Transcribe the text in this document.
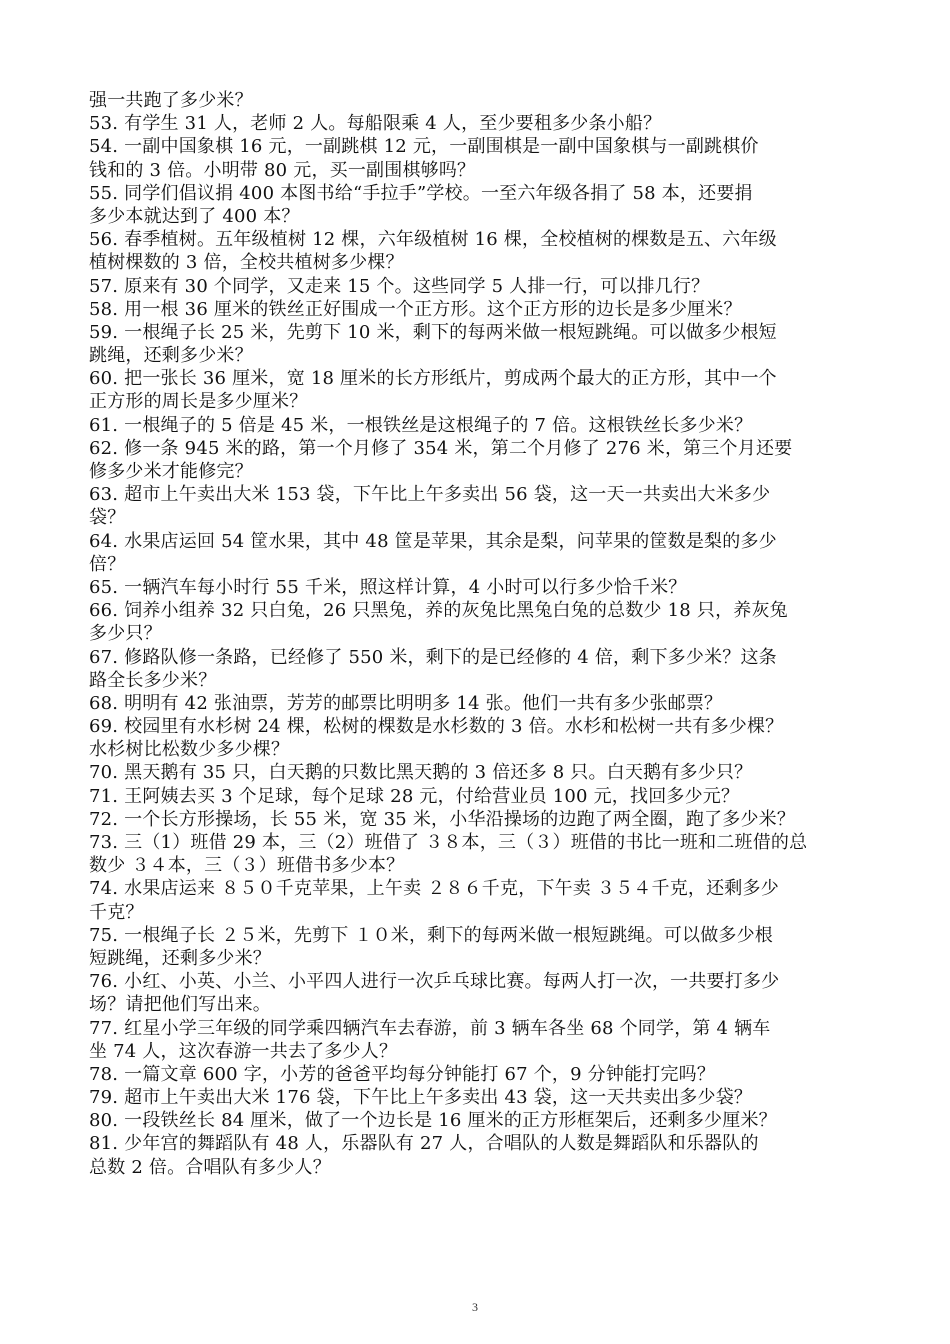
强一共跑了多少米？
53. 有学生 31 人，老师 2 人。每船限乘 4 人，至少要租多少条小船？
54. 一副中国象棋 16 元，一副跳棋 12 元，一副围棋是一副中国象棋与一副跳棋价
钱和的 3 倍。小明带 80 元，买一副围棋够吗？
55. 同学们倡议捐 400 本图书给“手拉手”学校。一至六年级各捐了 58 本，还要捐
多少本就达到了 400 本？
56. 春季植树。五年级植树 12 棵，六年级植树 16 棵，全校植树的棵数是五、六年级
植树棵数的 3 倍，全校共植树多少棵？
57. 原来有 30 个同学，又走来 15 个。这些同学 5 人排一行，可以排几行？
58. 用一根 36 厘米的铁丝正好围成一个正方形。这个正方形的边长是多少厘米？
59. 一根绳子长 25 米，先剪下 10 米，剩下的每两米做一根短跳绳。可以做多少根短
跳绳，还剩多少米？
60. 把一张长 36 厘米，宽 18 厘米的长方形纸片，剪成两个最大的正方形，其中一个
正方形的周长是多少厘米？
61. 一根绳子的 5 倍是 45 米，一根铁丝是这根绳子的 7 倍。这根铁丝长多少米？
62. 修一条 945 米的路，第一个月修了 354 米，第二个月修了 276 米，第三个月还要
修多少米才能修完？
63. 超市上午卖出大米 153 袋，下午比上午多卖出 56 袋，这一天一共卖出大米多少
袋？
64. 水果店运回 54 筐水果，其中 48 筐是苹果，其余是梨，问苹果的筐数是梨的多少
倍？
65. 一辆汽车每小时行 55 千米，照这样计算，4 小时可以行多少恰千米？
66. 饲养小组养 32 只白兔，26 只黑兔，养的灰兔比黑兔白兔的总数少 18 只，养灰兔
多少只？
67. 修路队修一条路，已经修了 550 米，剩下的是已经修的 4 倍，剩下多少米？这条
路全长多少米？
68. 明明有 42 张油票，芳芳的邮票比明明多 14 张。他们一共有多少张邮票？
69. 校园里有水杉树 24 棵，松树的棵数是水杉数的 3 倍。水杉和松树一共有多少棵？
水杉树比松数少多少棵？
70. 黑天鹅有 35 只，白天鹅的只数比黑天鹅的 3 倍还多 8 只。白天鹅有多少只？
71. 王阿姨去买 3 个足球，每个足球 28 元，付给营业员 100 元，找回多少元？
72. 一个长方形操场，长 55 米，宽 35 米，小华沿操场的边跑了两全圈，跑了多少米？
73. 三（1）班借 29 本，三（2）班借了 ３８本，三（３）班借的书比一班和二班借的总
数少 ３４本，三（３）班借书多少本？
74. 水果店运来 ８５０千克苹果，上午卖 ２８６千克，下午卖 ３５４千克，还剩多少
千克？
75. 一根绳子长 ２５米，先剪下 １０米，剩下的每两米做一根短跳绳。可以做多少根
短跳绳，还剩多少米？
76. 小红、小英、小兰、小平四人进行一次乒乓球比赛。每两人打一次，一共要打多少
场？请把他们写出来。
77. 红星小学三年级的同学乘四辆汽车去春游，前 3 辆车各坐 68 个同学，第 4 辆车
坐 74 人，这次春游一共去了多少人？
78. 一篇文章 600 字，小芳的爸爸平均每分钟能打 67 个，9 分钟能打完吗？
79. 超市上午卖出大米 176 袋，下午比上午多卖出 43 袋，这一天共卖出多少袋？
80. 一段铁丝长 84 厘米，做了一个边长是 16 厘米的正方形框架后，还剩多少厘米？
81. 少年宫的舞蹈队有 48 人，乐器队有 27 人，合唱队的人数是舞蹈队和乐器队的
总数 2 倍。合唱队有多少人？
3
